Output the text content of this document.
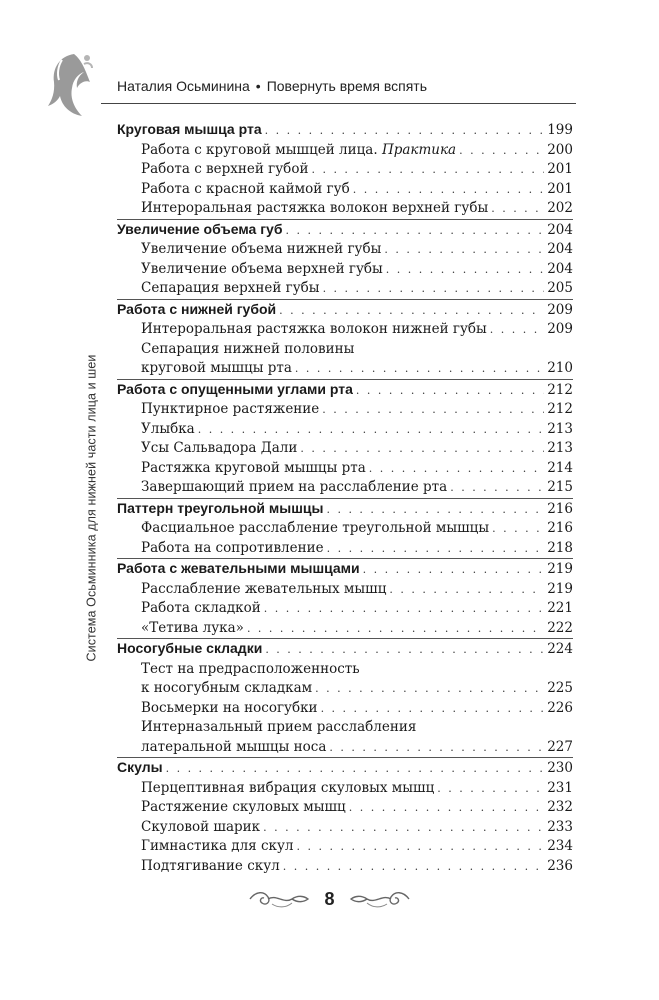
Система Осьминника для нижней части лица и шеи
Наталия Осьминина • Повернуть время вспять
Круговая мышца рта . . .	199
Работа с круговой мышцей лица. Практика . . .	200
Работа с верхней губой . . .	201
Работа с красной каймой губ . . .	201
Интероральная растяжка волокон верхней губы . . .	202
Увеличение объема губ . . .	204
Увеличение объема нижней губы . . .	204
Увеличение объема верхней губы . . .	204
Сепарация верхней губы . . .	205
Работа с нижней губой . . .	209
Интероральная растяжка волокон нижней губы . . .	209
Сепарация нижней половины
круговой мышцы рта . . .	210
Работа с опущенными углами рта . . .	212
Пунктирное растяжение . . .	212
Улыбка . . .	213
Усы Сальвадора Дали . . .	213
Растяжка круговой мышцы рта . . .	214
Завершающий прием на расслабление рта . . .	215
Паттерн треугольной мышцы . . .	216
Фасциальное расслабление треугольной мышцы . . .	216
Работа на сопротивление . . .	218
Работа с жевательными мышцами . . .	219
Расслабление жевательных мышц . . .	219
Работа складкой . . .	221
«Тетива лука» . . .	222
Носогубные складки . . .	224
Тест на предрасположенность
к носогубным складкам . . .	225
Восьмерки на носогубки . . .	226
Интерназальный прием расслабления
латеральной мышцы носа . . .	227
Скулы . . .	230
Перцептивная вибрация скуловых мышц . . .	231
Растяжение скуловых мышц . . .	232
Скуловой шарик . . .	233
Гимнастика для скул . . .	234
Подтягивание скул . . .	236
8
